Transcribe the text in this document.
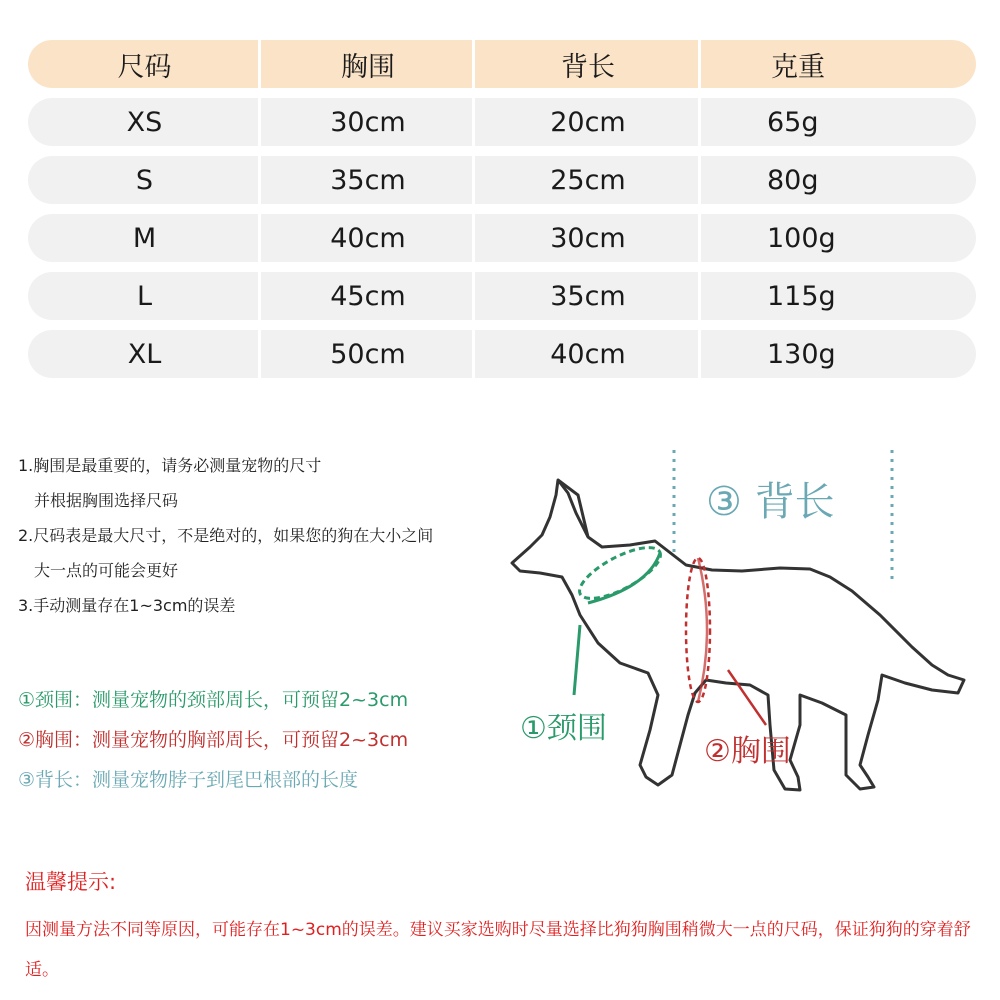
尺码	胸围	背长	克重
XS	30cm	20cm	65g
S	35cm	25cm	80g
M	40cm	30cm	100g
L	45cm	35cm	115g
XL	50cm	40cm	130g
1.胸围是最重要的，请务必测量宠物的尺寸
并根据胸围选择尺码
2.尺码表是最大尺寸，不是绝对的，如果您的狗在大小之间
大一点的可能会更好
3.手动测量存在1~3cm的误差
①颈围：测量宠物的颈部周长，可预留2~3cm
②胸围：测量宠物的胸部周长，可预留2~3cm
③背长：测量宠物脖子到尾巴根部的长度
③ 背长
①颈围
②胸围
温馨提示:
因测量方法不同等原因，可能存在1~3cm的误差。建议买家选购时尽量选择比狗狗胸围稍微大一点的尺码，保证狗狗的穿着舒适。
